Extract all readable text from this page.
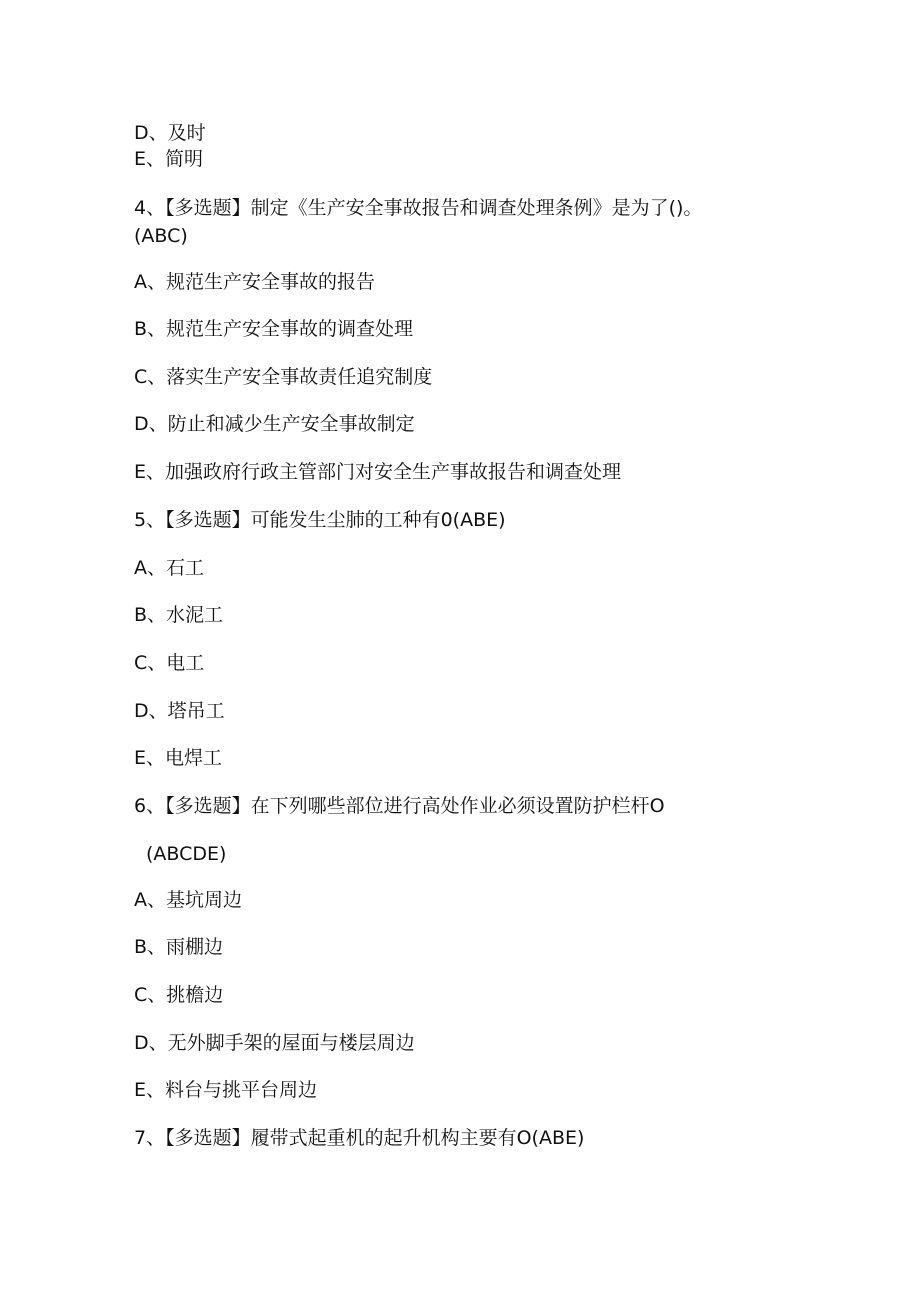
D、及时
E、简明
4、【多选题】制定《生产安全事故报告和调查处理条例》是为了()。
(ABC)
A、规范生产安全事故的报告
B、规范生产安全事故的调查处理
C、落实生产安全事故责任追究制度
D、防止和减少生产安全事故制定
E、加强政府行政主管部门对安全生产事故报告和调查处理
5、【多选题】可能发生尘肺的工种有0(ABE)
A、石工
B、水泥工
C、电工
D、塔吊工
E、电焊工
6、【多选题】在下列哪些部位进行高处作业必须设置防护栏杆O
(ABCDE)
A、基坑周边
B、雨棚边
C、挑檐边
D、无外脚手架的屋面与楼层周边
E、料台与挑平台周边
7、【多选题】履带式起重机的起升机构主要有O(ABE)
